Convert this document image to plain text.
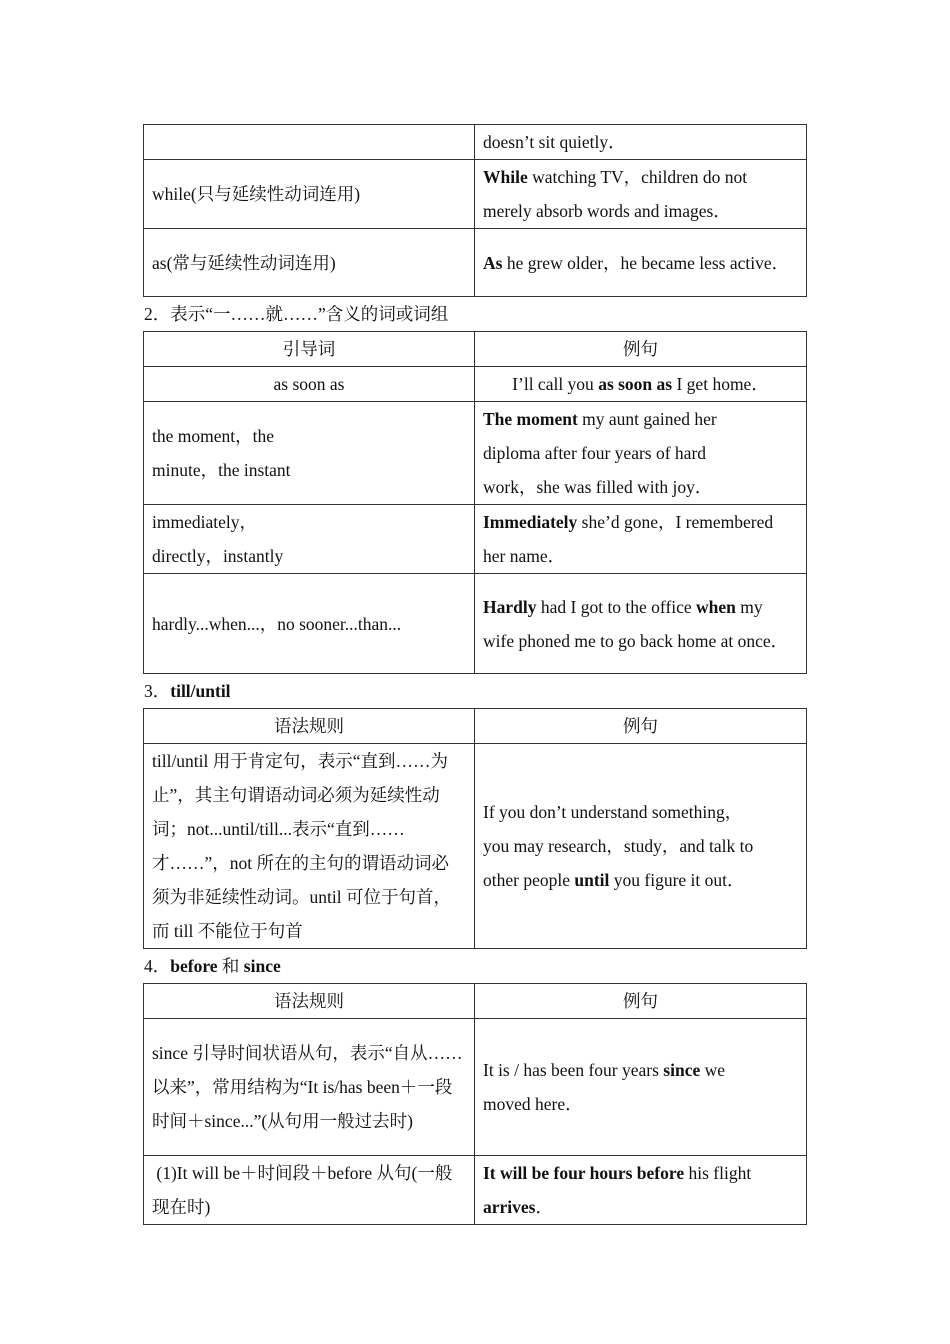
	doesn’t sit quietly．
while(只与延续性动词连用)	While watching TV，children do not merely absorb words and images．
as(常与延续性动词连用)	As he grew older，he became less active．
2．表示“一……就……”含义的词或词组
引导词	例句
as soon as	I’ll call you as soon as I get home．
the moment，the minute，the instant	The moment my aunt gained her diploma after four years of hard work，she was filled with joy．
immediately，directly，instantly	Immediately she’d gone，I remembered her name．
hardly...when...，no sooner...than...	Hardly had I got to the office when my wife phoned me to go back home at once．
3．till/until
语法规则	例句
till/until 用于肯定句，表示“直到……为止”，其主句谓语动词必须为延续性动词；not...until/till...表示“直到……才……”，not 所在的主句的谓语动词必须为非延续性动词。until 可位于句首，而 till 不能位于句首	If you don’t understand something，you may research，study，and talk to other people until you figure it out．
4．before 和 since
语法规则	例句
since 引导时间状语从句，表示“自从……以来”，常用结构为“It is/has been＋一段时间＋since...”(从句用一般过去时)	It is / has been four years since we moved here．
(1)It will be＋时间段＋before 从句(一般现在时)	It will be four hours before his flight arrives．
